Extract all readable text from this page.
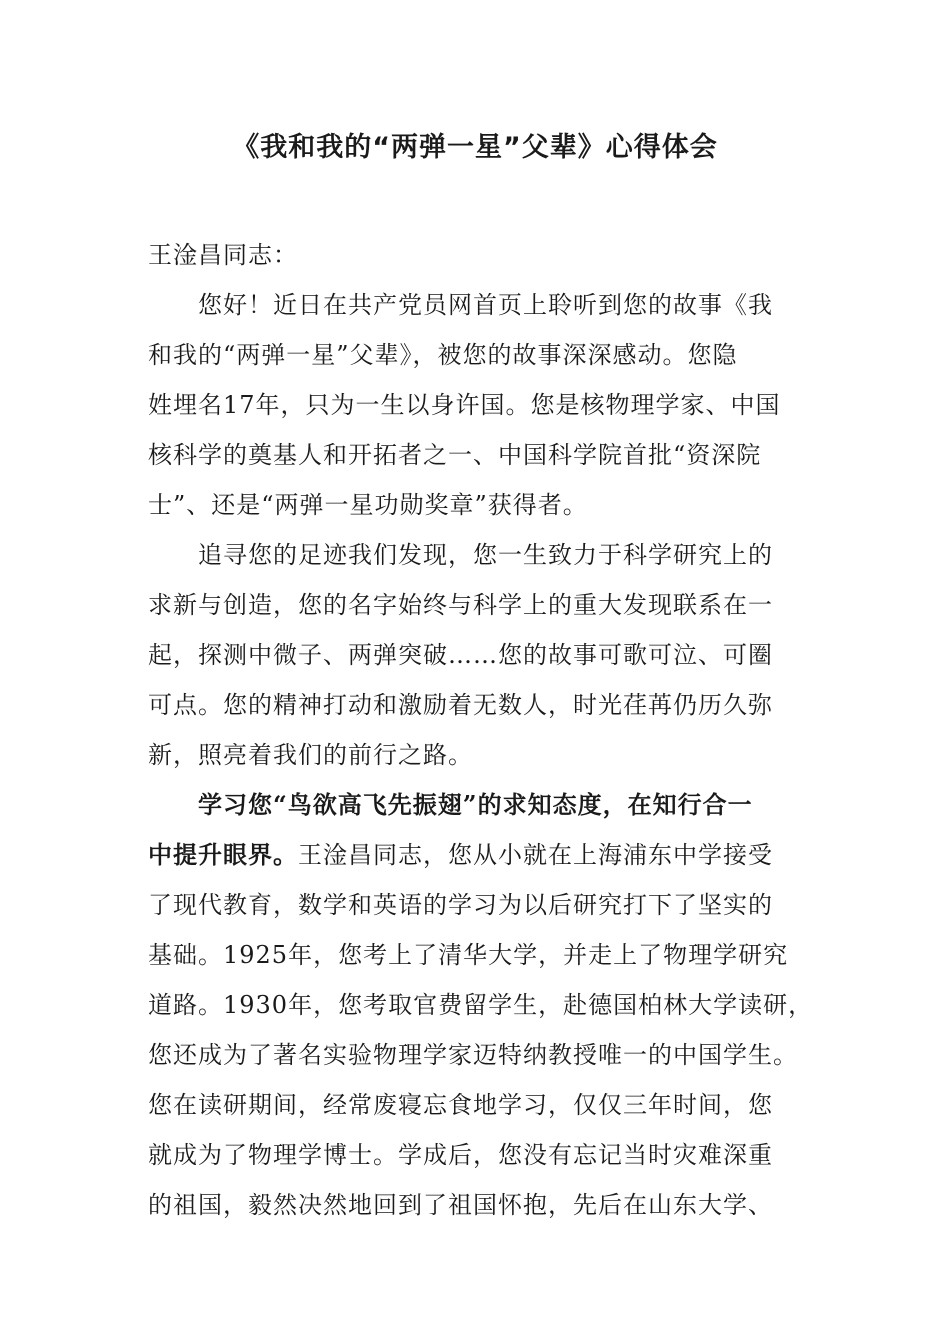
《我和我的“两弹一星”父辈》心得体会
王淦昌同志：
您好！近日在共产党员网首页上聆听到您的故事《我
和我的“两弹一星”父辈》，被您的故事深深感动。您隐
姓埋名17年，只为一生以身许国。您是核物理学家、中国
核科学的奠基人和开拓者之一、中国科学院首批“资深院
士”、还是“两弹一星功勋奖章”获得者。
追寻您的足迹我们发现，您一生致力于科学研究上的
求新与创造，您的名字始终与科学上的重大发现联系在一
起，探测中微子、两弹突破……您的故事可歌可泣、可圈
可点。您的精神打动和激励着无数人，时光荏苒仍历久弥
新，照亮着我们的前行之路。
学习您“鸟欲高飞先振翅”的求知态度，在知行合一
中提升眼界。王淦昌同志，您从小就在上海浦东中学接受
了现代教育，数学和英语的学习为以后研究打下了坚实的
基础。1925年，您考上了清华大学，并走上了物理学研究
道路。1930年，您考取官费留学生，赴德国柏林大学读研，
您还成为了著名实验物理学家迈特纳教授唯一的中国学生。
您在读研期间，经常废寝忘食地学习，仅仅三年时间，您
就成为了物理学博士。学成后，您没有忘记当时灾难深重
的祖国，毅然决然地回到了祖国怀抱，先后在山东大学、
